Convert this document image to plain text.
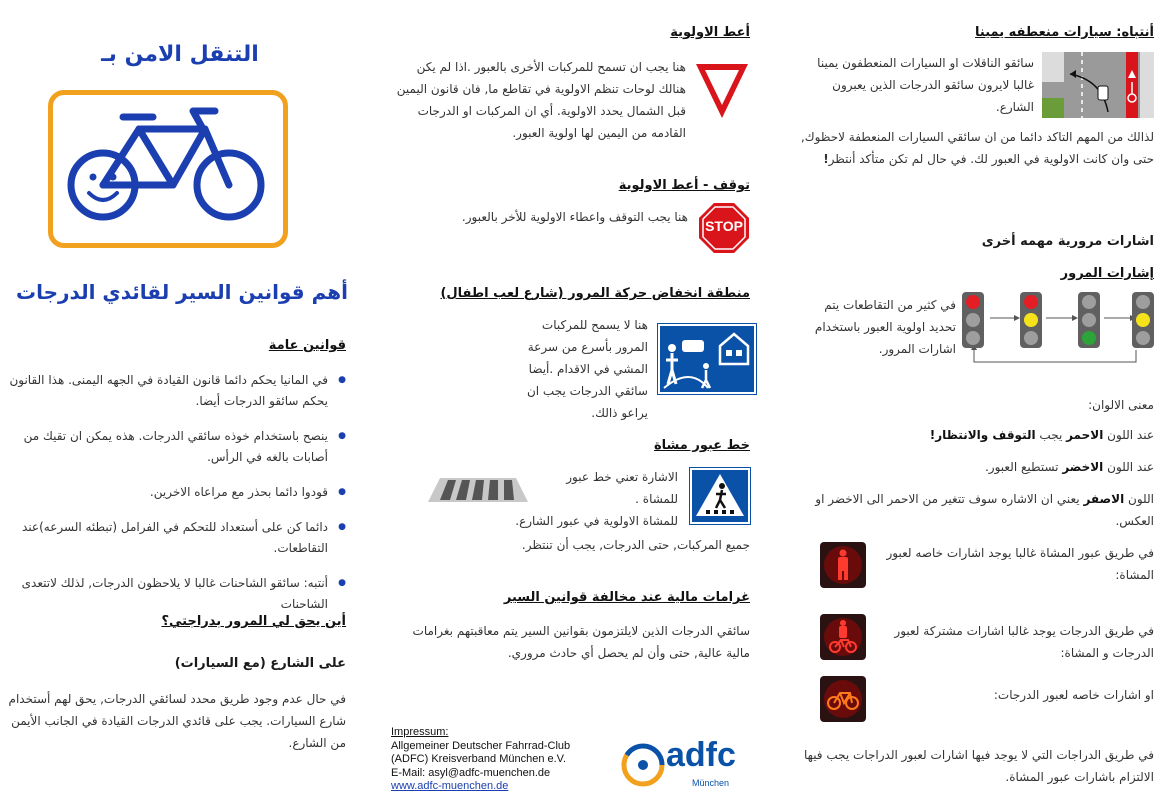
التنقل الامن بـ
أهم قوانين السير لقائدي الدرجات
قوانين عامة
● في المانيا يحكم دائما قانون القيادة في الجهه اليمنى. هذا القانون يحكم سائقو الدرجات أيضا.
● ينصح باستخدام خوذه سائقي الدرجات. هذه يمكن ان تقيك من أصابات بالغه في الرأس.
● قودوا دائما بحذر مع مراعاه الاخرين.
● دائما كن على أستعداد للتحكم في الفرامل (تبطئه السرعه)عند التقاطعات.
● أنتبه: سائقو الشاحنات غالبا لا يلاحظون الدرجات, لذلك لاتتعدى الشاحنات
أين يحق لي المرور بدراجتي؟
على الشارع (مع السيارات)
في حال عدم وجود طريق محدد لسائقي الدرجات, يحق لهم أستخدام شارع السيارات. يجب على قائدي الدرجات القيادة في الجانب الأيمن من الشارع.
أعط الاولوية
هنا يجب ان تسمح للمركبات الأخرى بالعبور .اذا لم يكن هنالك لوحات تنظم الاولوية في تقاطع ما, فان قانون اليمين قبل الشمال يحدد الاولوية. أي ان المركبات او الدرجات القادمه من اليمين لها اولوية العبور.
توقف - أعط الاولوية
STOP
هنا يجب التوقف واعطاء الاولوية للأخر بالعبور.
منطقة انخفاض حركة المرور (شارع لعب اطفال)
هنا لا يسمح للمركبات المرور بأسرع من سرعة المشي في الاقدام .أيضا سائقي الدرجات يجب ان يراعو ذالك.
خط عبور مشاة
الاشارة تعني خط عبور للمشاة .
للمشاة الاولوية في عبور الشارع.
جميع المركبات, حتى الدرجات, يجب أن تنتظر.
غرامات مالية عند مخالفة قوانين السير
سائقي الدرجات الذين لايلتزمون بقوانين السير يتم معاقبتهم بغرامات مالية عالية, حتى وأن لم يحصل أي حادث مروري.
Impressum:
Allgemeiner Deutscher Fahrrad-Club
(ADFC) Kreisverband München e.V.
E-Mail: asyl@adfc-muenchen.de
www.adfc-muenchen.de
adfc
München
أنتباه: سيارات منعطفه يمينا
سائقو الناقلات او السيارات المنعطفون يمينا غالبا لايرون سائقو الدرجات الذين يعبرون الشارع.
لذالك من المهم التاكد دائما من ان سائقي السيارات المنعطفة لاحظوك, حتى وان كانت الاولوية في العبور لك. في حال لم تكن متأكد أنتظر!
اشارات مرورية مهمه أخرى
إشارات المرور
في كثير من التقاطعات يتم تحديد اولوية العبور باستخدام اشارات المرور.
معنى الالوان:
عند اللون الاحمر يجب التوقف والانتظار!
عند اللون الاخضر تستطيع العبور.
اللون الاصفر يعني ان الاشاره سوف تتغير من الاحمر الى الاخضر او العكس.
في طريق عبور المشاة غالبا يوجد اشارات خاصه لعبور المشاة:
في طريق الدرجات يوجد غالبا اشارات مشتركة لعبور الدرجات و المشاة:
او اشارات خاصه لعبور الدرجات:
في طريق الدراجات التي لا يوجد فيها اشارات لعبور الدراجات يجب فيها الالتزام باشارات عبور المشاة.
